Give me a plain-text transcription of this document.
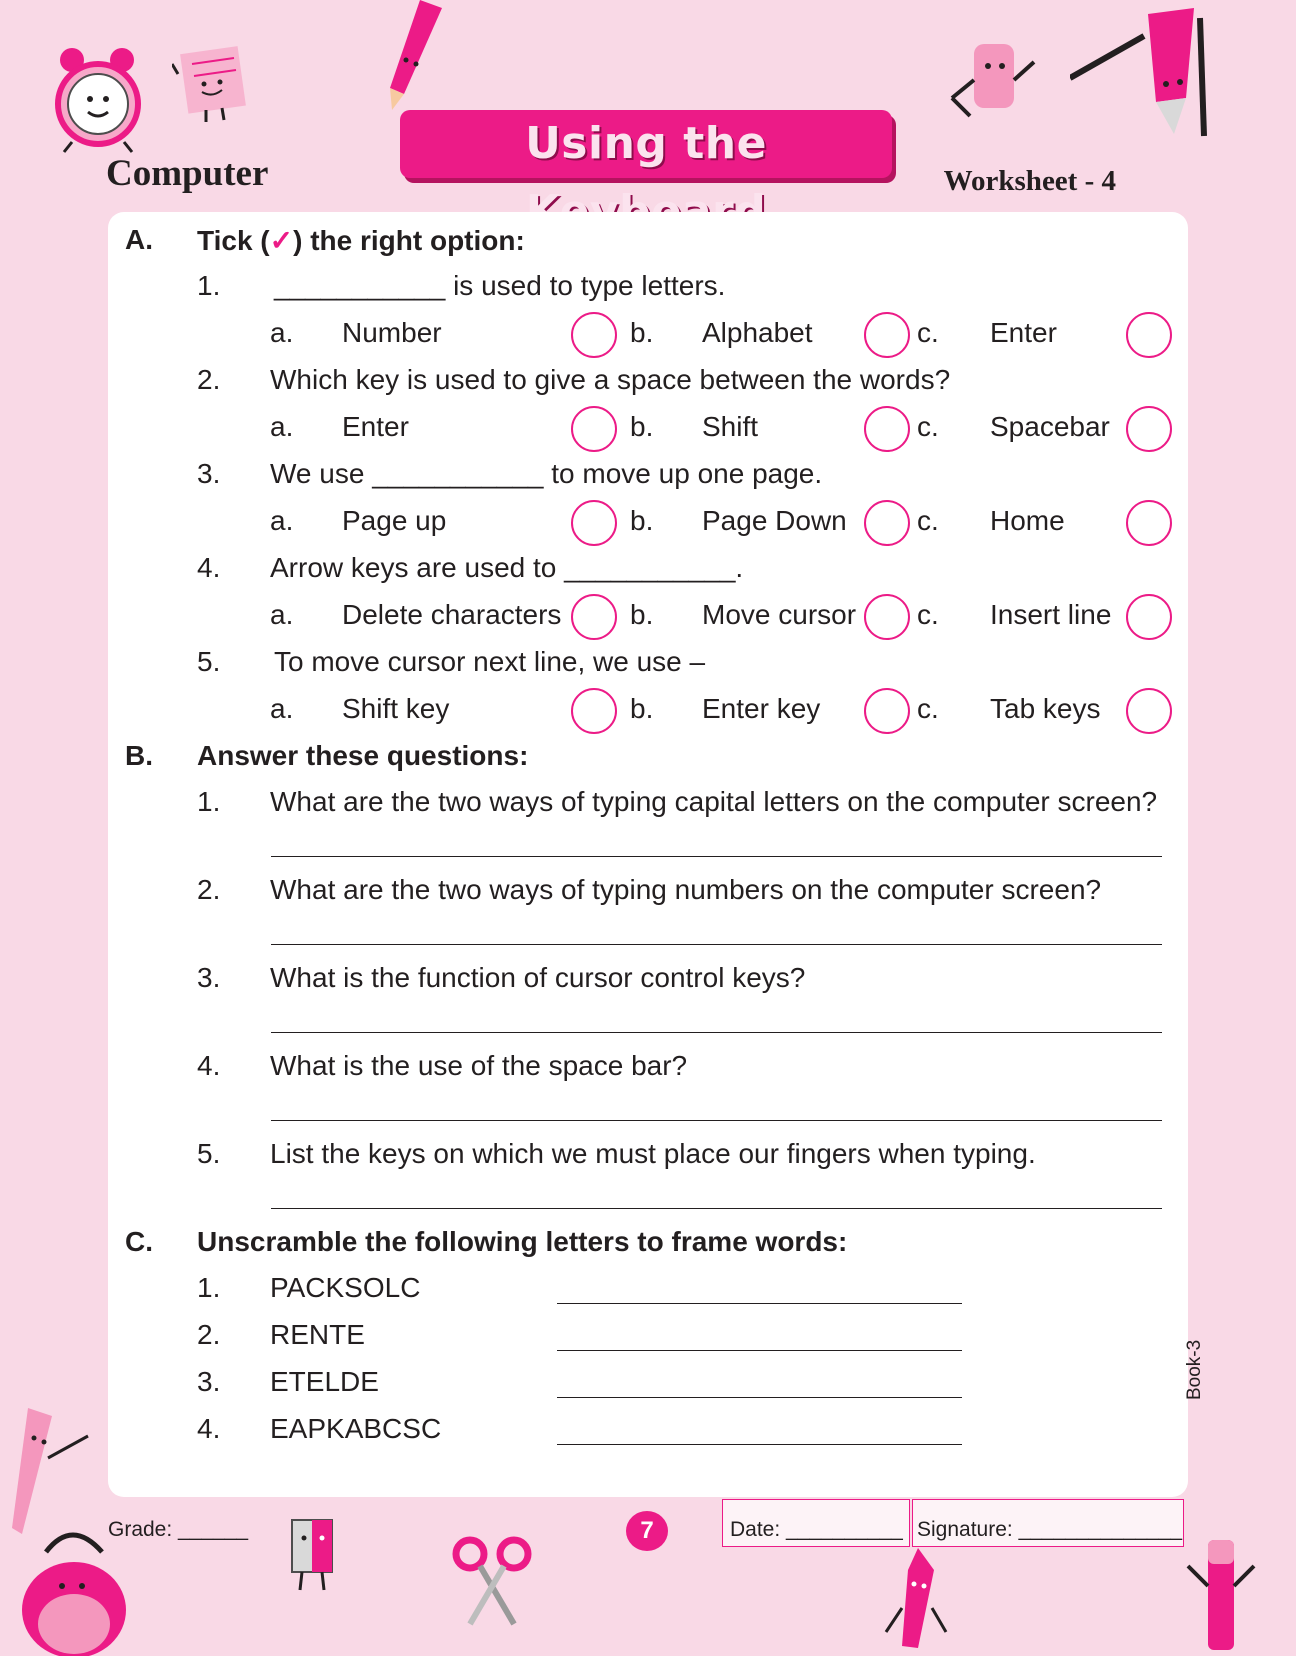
Computer
Using the
Worksheet - 4
A. Tick (✓) the right option:
1. ___________ is used to type letters.
a. Number	b. Alphabet	c. Enter
2. Which key is used to give a space between the words?
a. Enter	b. Shift	c. Spacebar
3. We use ___________ to move up one page.
a. Page up	b. Page Down	c. Home
4. Arrow keys are used to ___________.
a. Delete characters b. Move cursor c. Insert line
5. To move cursor next line, we use –
a. Shift key	b. Enter key	c. Tab keys
B. Answer these questions:
1. What are the two ways of typing capital letters on the computer screen?
2. What are the two ways of typing numbers on the computer screen?
3. What is the function of cursor control keys?
4. What is the use of the space bar?
5. List the keys on which we must place our fingers when typing.
C. Unscramble the following letters to frame words:
1. PACKSOLC
2. RENTE
3. ETELDE
4. EAPKABCSC
Book-3
Grade: ______	7	Date: __________ Signature: ______________
